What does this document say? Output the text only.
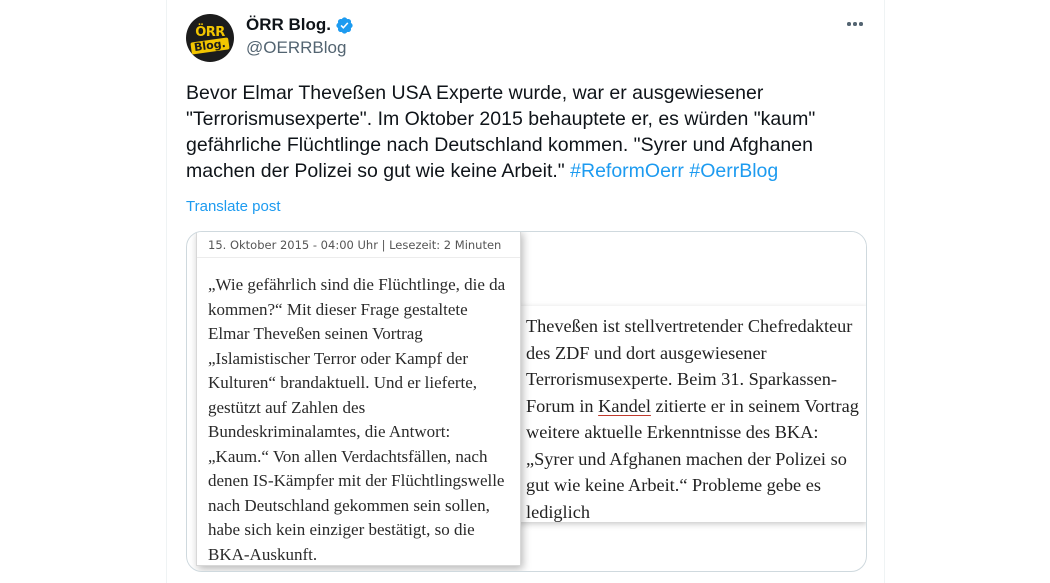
ÖRR
Blog.
ÖRR Blog.
@OERRBlog

Bevor Elmar Theveßen USA Experte wurde, war er ausgewiesener "Terrorismusexperte". Im Oktober 2015 behauptete er, es würden "kaum" gefährliche Flüchtlinge nach Deutschland kommen. "Syrer und Afghanen machen der Polizei so gut wie keine Arbeit." #ReformOerr #OerrBlog

Translate post
Theveßen ist stellvertretender Chefredakteur des ZDF und dort ausgewiesener Terrorismusexperte. Beim 31. Sparkassen-Forum in Kandel zitierte er in seinem Vortrag weitere aktuelle Erkenntnisse des BKA: „Syrer und Afghanen machen der Polizei so gut wie keine Arbeit.“ Probleme gebe es lediglich
15. Oktober 2015 - 04:00 Uhr | Lesezeit: 2 Minuten
„Wie gefährlich sind die Flüchtlinge, die da kommen?“ Mit dieser Frage gestaltete Elmar Theveßen seinen Vortrag „Islamistischer Terror oder Kampf der Kulturen“ brandaktuell. Und er lieferte, gestützt auf Zahlen des Bundeskriminalamtes, die Antwort: „Kaum.“ Von allen Verdachtsfällen, nach denen IS-Kämpfer mit der Flüchtlingswelle nach Deutschland gekommen sein sollen, habe sich kein einziger bestätigt, so die BKA-Auskunft.
